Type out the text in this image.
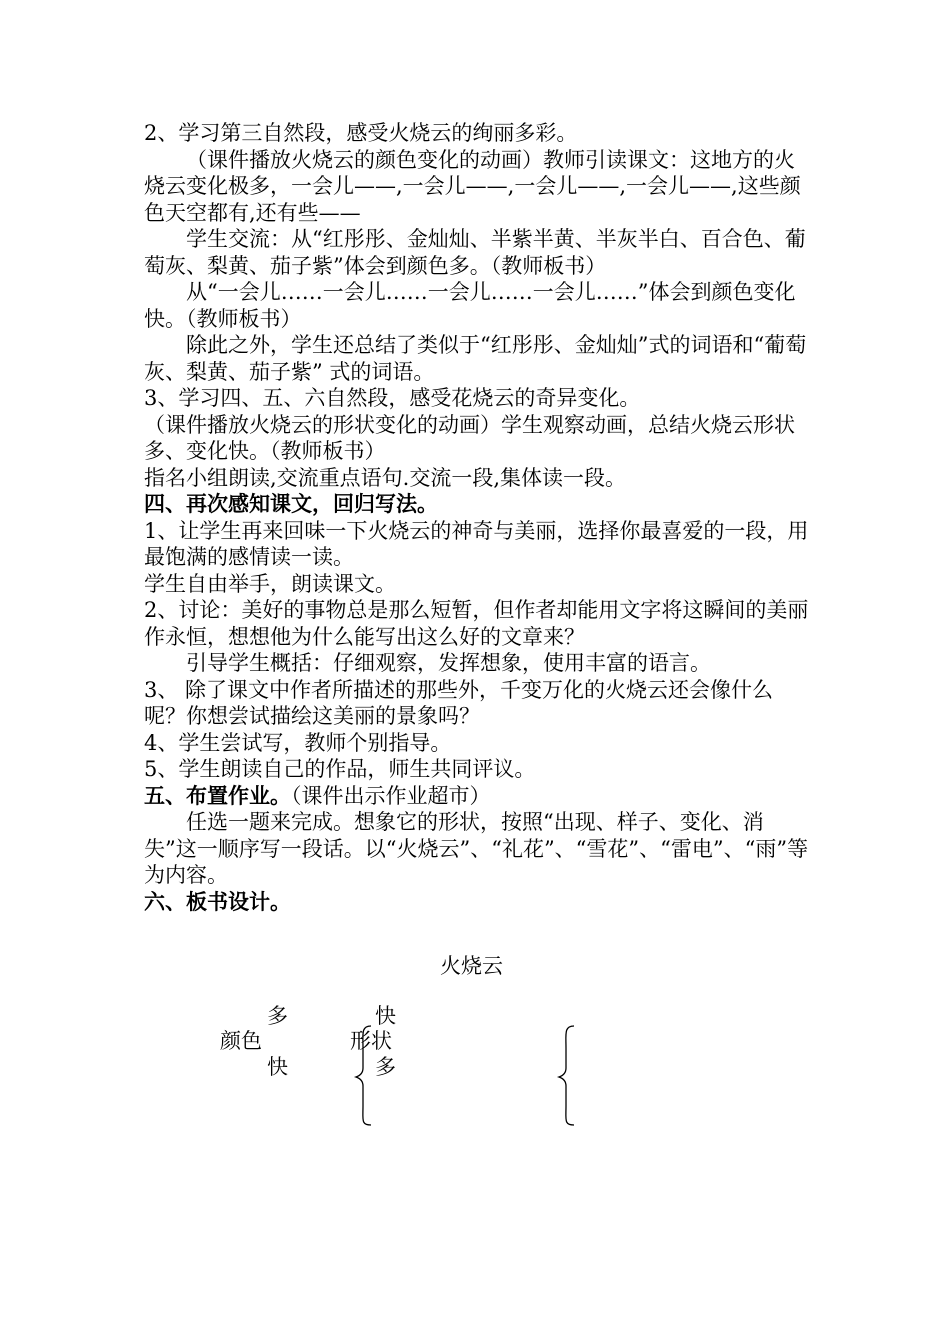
2、学习第三自然段，感受火烧云的绚丽多彩。

（课件播放火烧云的颜色变化的动画）教师引读课文：这地方的火烧云变化极多，一会儿——,一会儿——,一会儿——,一会儿——,这些颜色天空都有,还有些——

学生交流：从“红彤彤、金灿灿、半紫半黄、半灰半白、百合色、葡萄灰、梨黄、茄子紫”体会到颜色多。（教师板书）

从“一会儿……一会儿……一会儿……一会儿……”体会到颜色变化快。（教师板书）

除此之外，学生还总结了类似于“红彤彤、金灿灿”式的词语和“葡萄灰、梨黄、茄子紫” 式的词语。

3、学习四、五、六自然段，感受花烧云的奇异变化。

（课件播放火烧云的形状变化的动画）学生观察动画，总结火烧云形状多、变化快。（教师板书）

指名小组朗读,交流重点语句.交流一段,集体读一段。

四、再次感知课文，回归写法。

1、让学生再来回味一下火烧云的神奇与美丽，选择你最喜爱的一段，用最饱满的感情读一读。

学生自由举手，朗读课文。

2、讨论：美好的事物总是那么短暂，但作者却能用文字将这瞬间的美丽作永恒，想想他为什么能写出这么好的文章来？

引导学生概括：仔细观察，发挥想象，使用丰富的语言。

3、 除了课文中作者所描述的那些外，千变万化的火烧云还会像什么呢？你想尝试描绘这美丽的景象吗？

4、学生尝试写，教师个别指导。

5、学生朗读自己的作品，师生共同评议。

五、布置作业。（课件出示作业超市）

任选一题来完成。想象它的形状，按照“出现、样子、变化、消失”这一顺序写一段话。以“火烧云”、“礼花”、“雪花”、“雷电”、“雨”等为内容。

六、板书设计。

火烧云
多
颜色
快
快
形状
多
